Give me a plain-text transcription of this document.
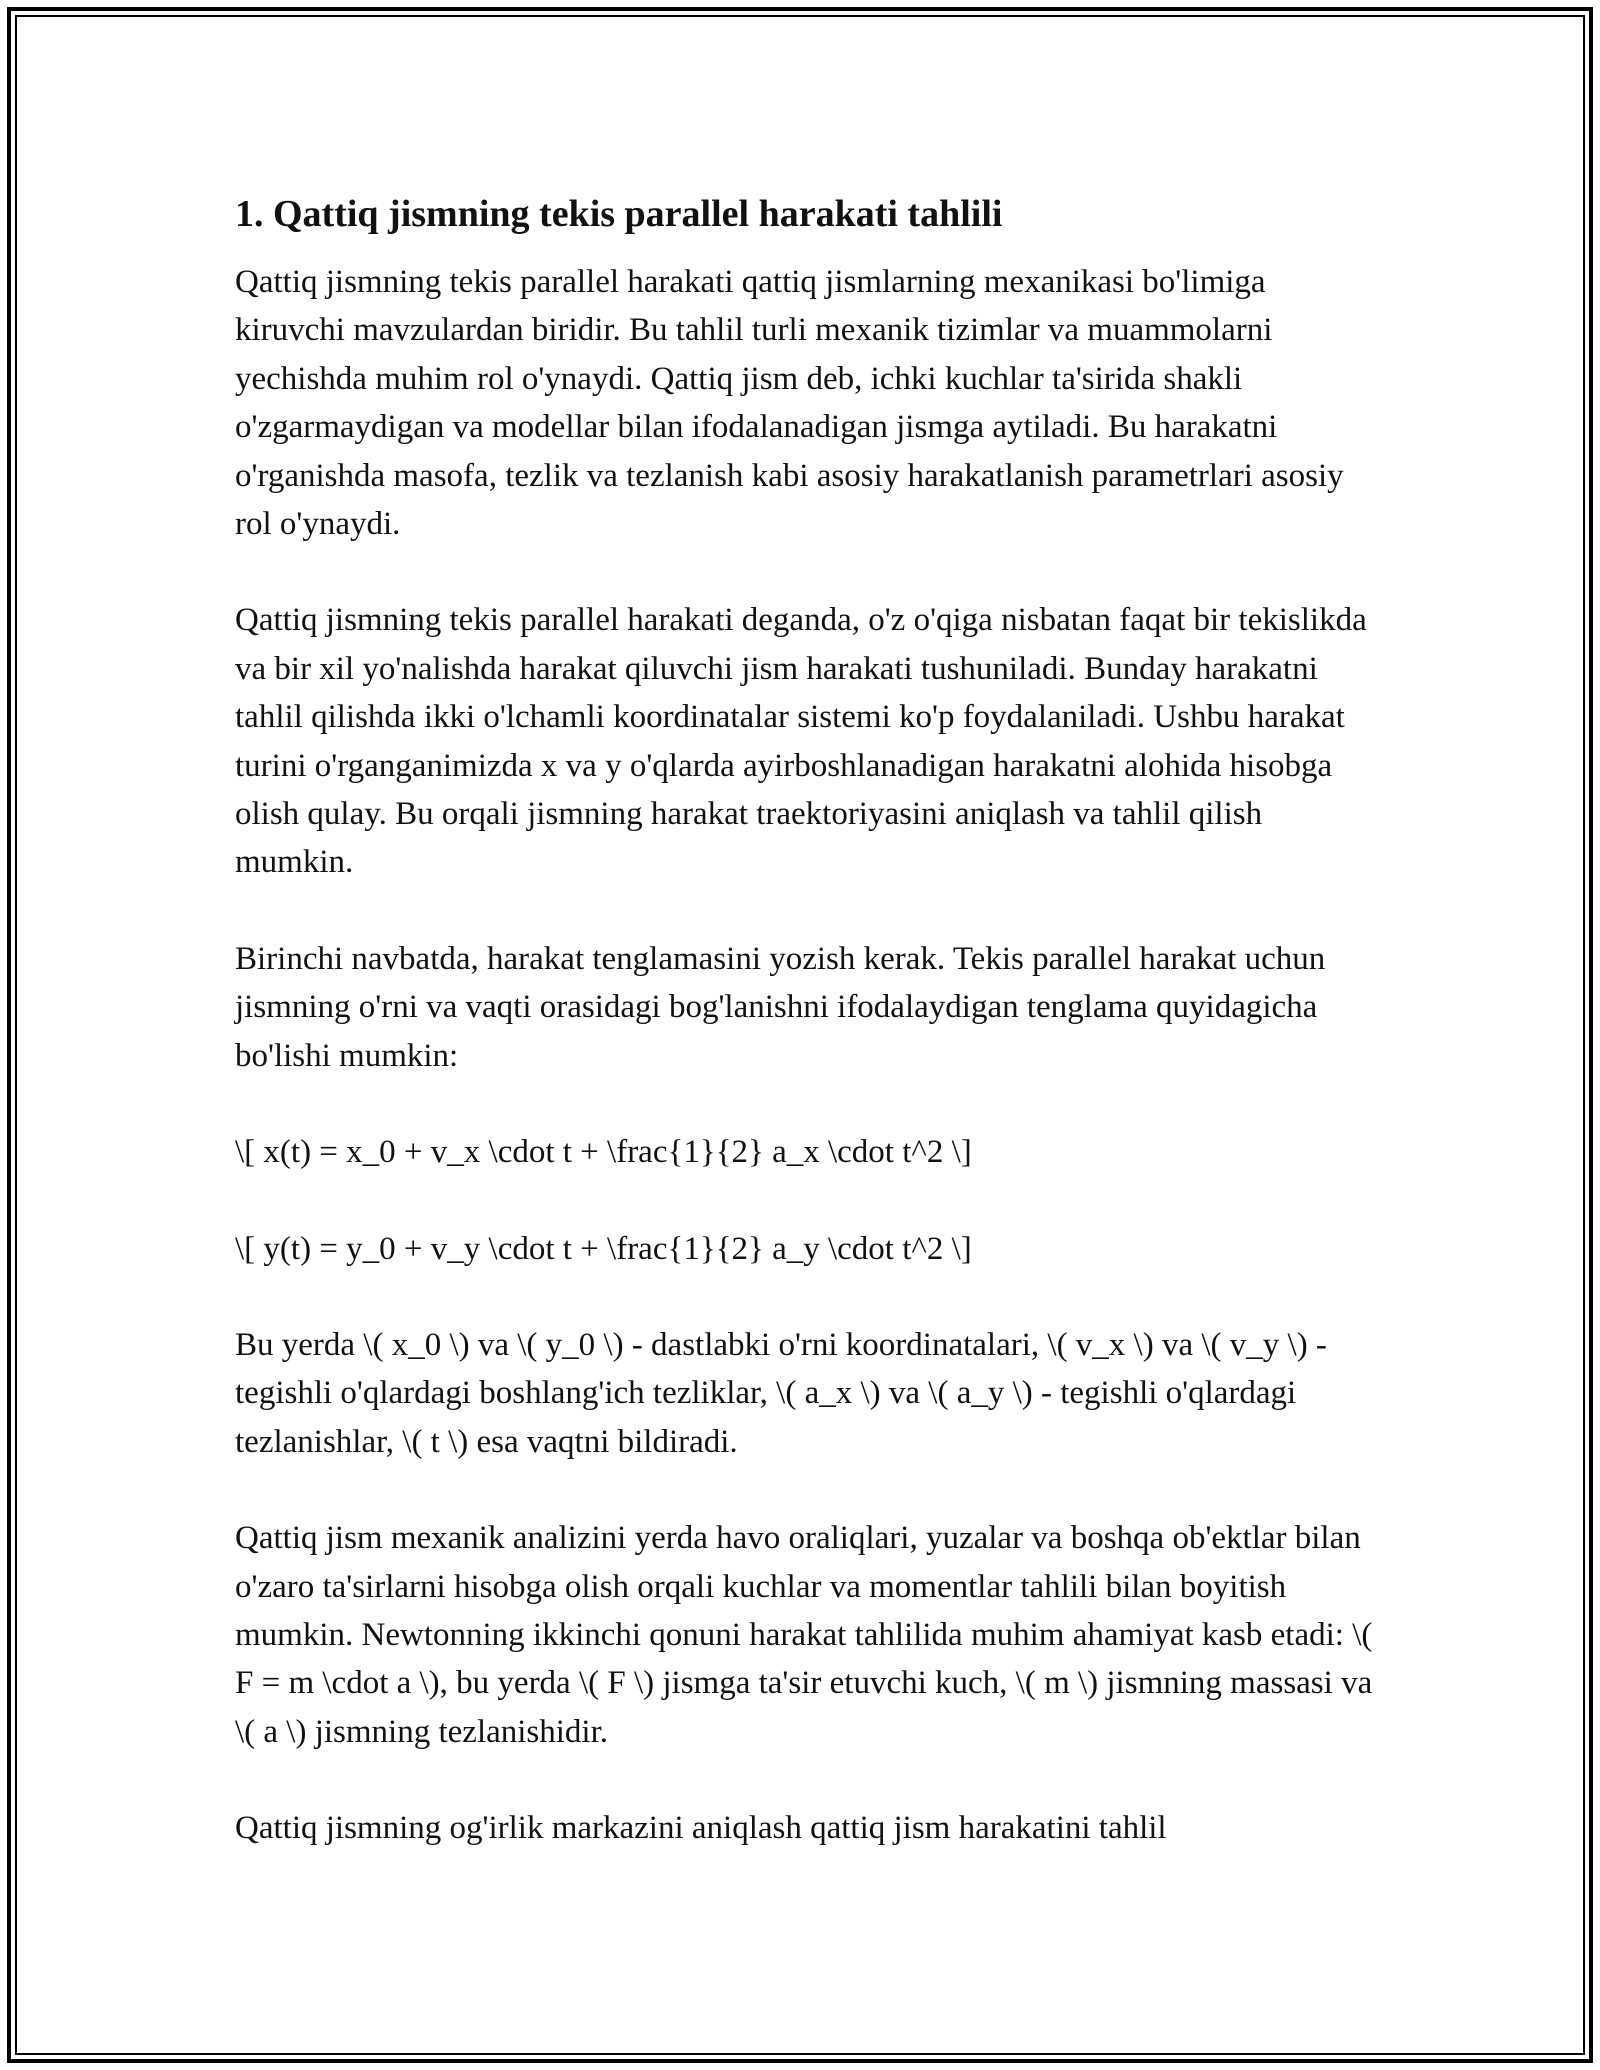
1. Qattiq jismning tekis parallel harakati tahlili

Qattiq jismning tekis parallel harakati qattiq jismlarning mexanikasi bo'limiga kiruvchi mavzulardan biridir. Bu tahlil turli mexanik tizimlar va muammolarni yechishda muhim rol o'ynaydi. Qattiq jism deb, ichki kuchlar ta'sirida shakli o'zgarmaydigan va modellar bilan ifodalanadigan jismga aytiladi. Bu harakatni o'rganishda masofa, tezlik va tezlanish kabi asosiy harakatlanish parametrlari asosiy rol o'ynaydi.

Qattiq jismning tekis parallel harakati deganda, o'z o'qiga nisbatan faqat bir tekislikda va bir xil yo'nalishda harakat qiluvchi jism harakati tushuniladi. Bunday harakatni tahlil qilishda ikki o'lchamli koordinatalar sistemi ko'p foydalaniladi. Ushbu harakat turini o'rganganimizda x va y o'qlarda ayirboshlanadigan harakatni alohida hisobga olish qulay. Bu orqali jismning harakat traektoriyasini aniqlash va tahlil qilish mumkin.

Birinchi navbatda, harakat tenglamasini yozish kerak. Tekis parallel harakat uchun jismning o'rni va vaqti orasidagi bog'lanishni ifodalaydigan tenglama quyidagicha bo'lishi mumkin:

\[ x(t) = x_0 + v_x \cdot t + \frac{1}{2} a_x \cdot t^2 \]

\[ y(t) = y_0 + v_y \cdot t + \frac{1}{2} a_y \cdot t^2 \]

Bu yerda \( x_0 \) va \( y_0 \) - dastlabki o'rni koordinatalari, \( v_x \) va \( v_y \) - tegishli o'qlardagi boshlang'ich tezliklar, \( a_x \) va \( a_y \) - tegishli o'qlardagi tezlanishlar, \( t \) esa vaqtni bildiradi.

Qattiq jism mexanik analizini yerda havo oraliqlari, yuzalar va boshqa ob'ektlar bilan o'zaro ta'sirlarni hisobga olish orqali kuchlar va momentlar tahlili bilan boyitish mumkin. Newtonning ikkinchi qonuni harakat tahlilida muhim ahamiyat kasb etadi: \( F = m \cdot a \), bu yerda \( F \) jismga ta'sir etuvchi kuch, \( m \) jismning massasi va \( a \) jismning tezlanishidir.

Qattiq jismning og'irlik markazini aniqlash qattiq jism harakatini tahlil
